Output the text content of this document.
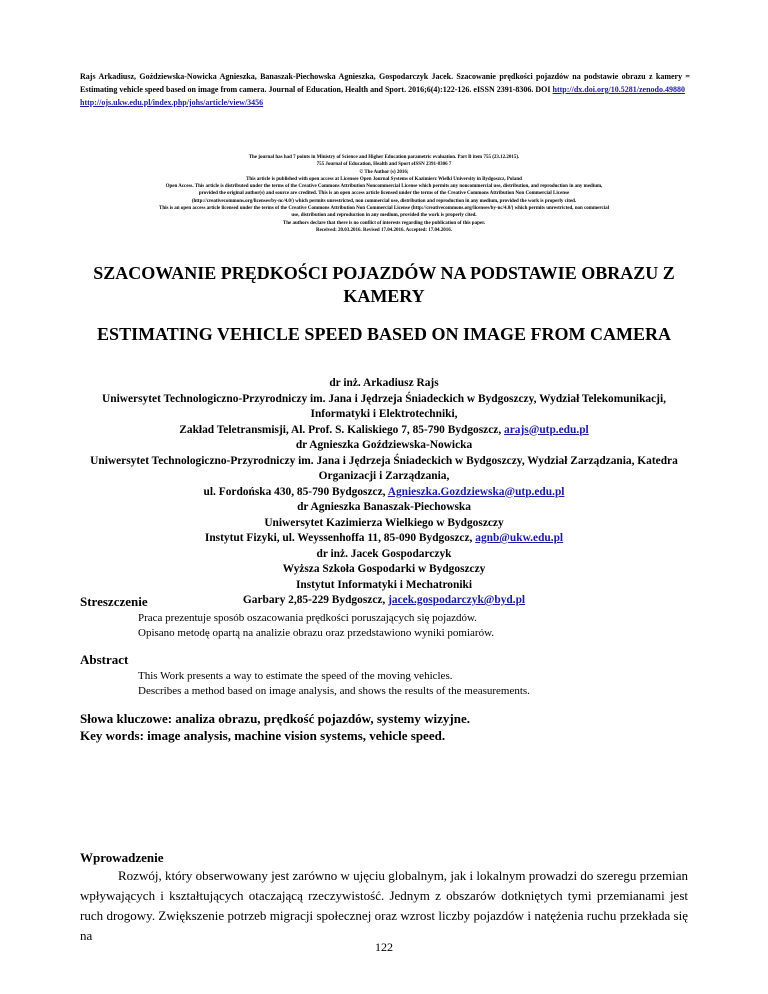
Rajs Arkadiusz, Goździewska-Nowicka Agnieszka, Banaszak-Piechowska Agnieszka, Gospodarczyk Jacek. Szacowanie prędkości pojazdów na podstawie obrazu z kamery = Estimating vehicle speed based on image from camera. Journal of Education, Health and Sport. 2016;6(4):122-126. eISSN 2391-8306. DOI http://dx.doi.org/10.5281/zenodo.49880
http://ojs.ukw.edu.pl/index.php/johs/article/view/3456
The journal has had 7 points in Ministry of Science and Higher Education parametric evaluation. Part B item 755 (23.12.2015).
755 Journal of Education, Health and Sport eISSN 2391-8306 7
© The Author (s) 2016;
This article is published with open access at Licensee Open Journal Systems of Kazimierz Wielki University in Bydgoszcz, Poland
Open Access. This article is distributed under the terms of the Creative Commons Attribution Noncommercial License which permits any noncommercial use, distribution, and reproduction in any medium,
provided the original author(s) and source are credited. This is an open access article licensed under the terms of the Creative Commons Attribution Non Commercial License
(http://creativecommons.org/licenses/by-nc/4.0/) which permits unrestricted, non commercial use, distribution and reproduction in any medium, provided the work is properly cited.
This is an open access article licensed under the terms of the Creative Commons Attribution Non Commercial License (http://creativecommons.org/licenses/by-nc/4.0/) which permits unrestricted, non commercial
use, distribution and reproduction in any medium, provided the work is properly cited.
The authors declare that there is no conflict of interests regarding the publication of this paper.
Received: 20.03.2016. Revised 17.04.2016. Accepted: 17.04.2016.
SZACOWANIE PRĘDKOŚCI POJAZDÓW NA PODSTAWIE OBRAZU Z KAMERY
ESTIMATING VEHICLE SPEED BASED ON IMAGE FROM CAMERA
dr inż. Arkadiusz Rajs
Uniwersytet Technologiczno-Przyrodniczy im. Jana i Jędrzeja Śniadeckich w Bydgoszczy, Wydział Telekomunikacji, Informatyki i Elektrotechniki,
Zakład Teletransmisji, Al. Prof. S. Kaliskiego 7, 85-790 Bydgoszcz, arajs@utp.edu.pl
dr Agnieszka Goździewska-Nowicka
Uniwersytet Technologiczno-Przyrodniczy im. Jana i Jędrzeja Śniadeckich w Bydgoszczy, Wydział Zarządzania, Katedra Organizacji i Zarządzania,
ul. Fordońska 430, 85-790 Bydgoszcz, Agnieszka.Gozdziewska@utp.edu.pl
dr Agnieszka Banaszak-Piechowska
Uniwersytet Kazimierza Wielkiego w Bydgoszczy
Instytut Fizyki, ul. Weyssenhoffa 11, 85-090 Bydgoszcz, agnb@ukw.edu.pl
dr inż. Jacek Gospodarczyk
Wyższa Szkoła Gospodarki w Bydgoszczy
Instytut Informatyki i Mechatroniki
Garbary 2,85-229 Bydgoszcz, jacek.gospodarczyk@byd.pl
Streszczenie
Praca prezentuje sposób oszacowania prędkości poruszających się pojazdów.
Opisano metodę opartą na analizie obrazu oraz przedstawiono wyniki pomiarów.
Abstract
This Work presents a way to estimate the speed of the moving vehicles.
Describes a method based on image analysis, and shows the results of the measurements.
Słowa kluczowe: analiza obrazu, prędkość pojazdów, systemy wizyjne.
Key words: image analysis, machine vision systems, vehicle speed.
Wprowadzenie
Rozwój, który obserwowany jest zarówno w ujęciu globalnym, jak i lokalnym prowadzi do szeregu przemian wpływających i kształtujących otaczającą rzeczywistość. Jednym z obszarów dotkniętych tymi przemianami jest ruch drogowy. Zwiększenie potrzeb migracji społecznej oraz wzrost liczby pojazdów i natężenia ruchu przekłada się na
122
